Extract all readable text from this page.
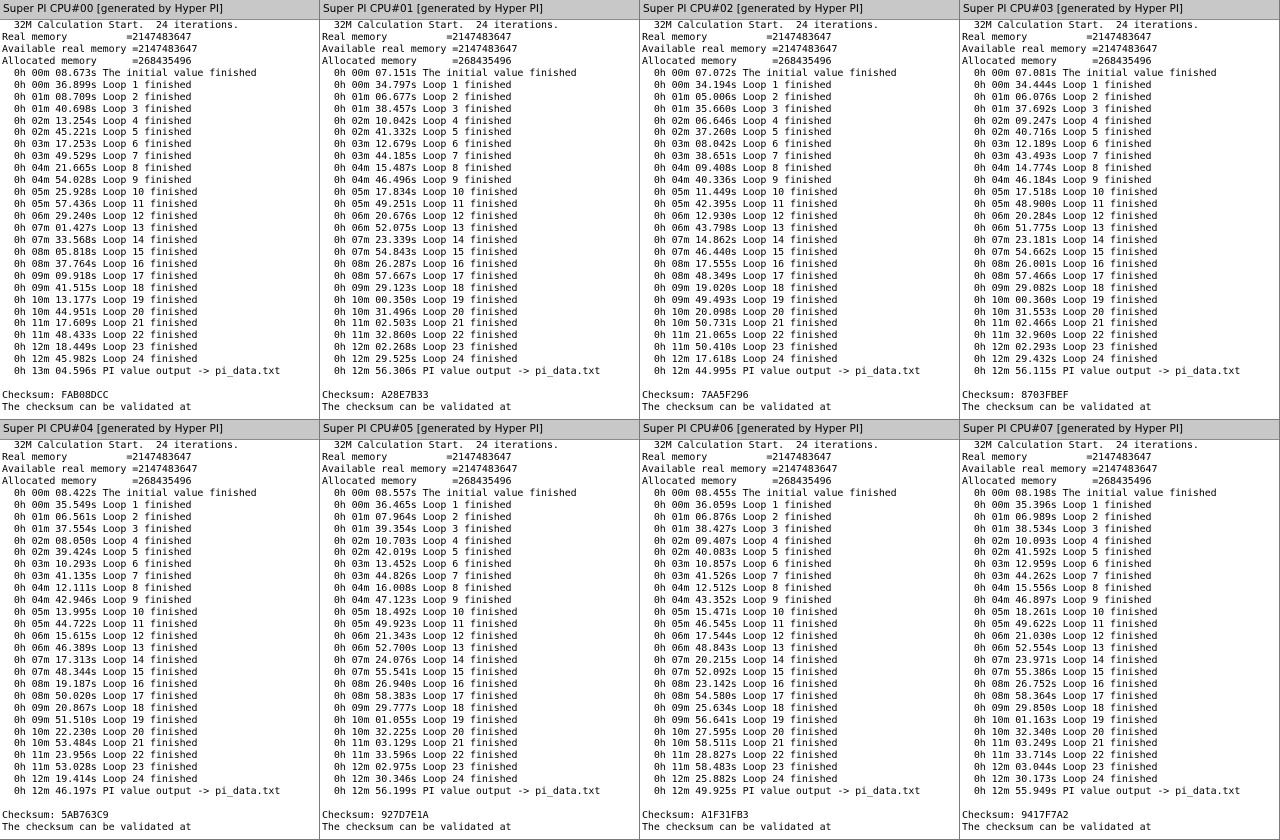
Super PI CPU#00 [generated by Hyper PI]
32M Calculation Start.  24 iterations.
Real memory          =2147483647
Available real memory =2147483647
Allocated memory      =268435496
0h 00m 08.673s The initial value finished
0h 00m 36.899s Loop 1 finished
0h 01m 08.709s Loop 2 finished
0h 01m 40.698s Loop 3 finished
0h 02m 13.254s Loop 4 finished
0h 02m 45.221s Loop 5 finished
0h 03m 17.253s Loop 6 finished
0h 03m 49.529s Loop 7 finished
0h 04m 21.665s Loop 8 finished
0h 04m 54.028s Loop 9 finished
0h 05m 25.928s Loop 10 finished
0h 05m 57.436s Loop 11 finished
0h 06m 29.240s Loop 12 finished
0h 07m 01.427s Loop 13 finished
0h 07m 33.568s Loop 14 finished
0h 08m 05.818s Loop 15 finished
0h 08m 37.764s Loop 16 finished
0h 09m 09.918s Loop 17 finished
0h 09m 41.515s Loop 18 finished
0h 10m 13.177s Loop 19 finished
0h 10m 44.951s Loop 20 finished
0h 11m 17.609s Loop 21 finished
0h 11m 48.433s Loop 22 finished
0h 12m 18.449s Loop 23 finished
0h 12m 45.982s Loop 24 finished
0h 13m 04.596s PI value output -> pi_data.txt
Checksum: FAB08DCC
The checksum can be validated at
Super PI CPU#01 [generated by Hyper PI]
32M Calculation Start.  24 iterations.
Real memory          =2147483647
Available real memory =2147483647
Allocated memory      =268435496
0h 00m 07.151s The initial value finished
0h 00m 34.797s Loop 1 finished
0h 01m 06.677s Loop 2 finished
0h 01m 38.457s Loop 3 finished
0h 02m 10.042s Loop 4 finished
0h 02m 41.332s Loop 5 finished
0h 03m 12.679s Loop 6 finished
0h 03m 44.185s Loop 7 finished
0h 04m 15.487s Loop 8 finished
0h 04m 46.496s Loop 9 finished
0h 05m 17.834s Loop 10 finished
0h 05m 49.251s Loop 11 finished
0h 06m 20.676s Loop 12 finished
0h 06m 52.075s Loop 13 finished
0h 07m 23.339s Loop 14 finished
0h 07m 54.843s Loop 15 finished
0h 08m 26.287s Loop 16 finished
0h 08m 57.667s Loop 17 finished
0h 09m 29.123s Loop 18 finished
0h 10m 00.350s Loop 19 finished
0h 10m 31.496s Loop 20 finished
0h 11m 02.503s Loop 21 finished
0h 11m 32.860s Loop 22 finished
0h 12m 02.268s Loop 23 finished
0h 12m 29.525s Loop 24 finished
0h 12m 56.306s PI value output -> pi_data.txt
Checksum: A28E7B33
The checksum can be validated at
Super PI CPU#02 [generated by Hyper PI]
32M Calculation Start.  24 iterations.
Real memory          =2147483647
Available real memory =2147483647
Allocated memory      =268435496
0h 00m 07.072s The initial value finished
0h 00m 34.194s Loop 1 finished
0h 01m 05.006s Loop 2 finished
0h 01m 35.660s Loop 3 finished
0h 02m 06.646s Loop 4 finished
0h 02m 37.260s Loop 5 finished
0h 03m 08.042s Loop 6 finished
0h 03m 38.651s Loop 7 finished
0h 04m 09.408s Loop 8 finished
0h 04m 40.336s Loop 9 finished
0h 05m 11.449s Loop 10 finished
0h 05m 42.395s Loop 11 finished
0h 06m 12.930s Loop 12 finished
0h 06m 43.798s Loop 13 finished
0h 07m 14.862s Loop 14 finished
0h 07m 46.440s Loop 15 finished
0h 08m 17.555s Loop 16 finished
0h 08m 48.349s Loop 17 finished
0h 09m 19.020s Loop 18 finished
0h 09m 49.493s Loop 19 finished
0h 10m 20.098s Loop 20 finished
0h 10m 50.731s Loop 21 finished
0h 11m 21.065s Loop 22 finished
0h 11m 50.410s Loop 23 finished
0h 12m 17.618s Loop 24 finished
0h 12m 44.995s PI value output -> pi_data.txt
Checksum: 7AA5F296
The checksum can be validated at
Super PI CPU#03 [generated by Hyper PI]
32M Calculation Start.  24 iterations.
Real memory          =2147483647
Available real memory =2147483647
Allocated memory      =268435496
0h 00m 07.081s The initial value finished
0h 00m 34.444s Loop 1 finished
0h 01m 06.076s Loop 2 finished
0h 01m 37.692s Loop 3 finished
0h 02m 09.247s Loop 4 finished
0h 02m 40.716s Loop 5 finished
0h 03m 12.189s Loop 6 finished
0h 03m 43.493s Loop 7 finished
0h 04m 14.774s Loop 8 finished
0h 04m 46.184s Loop 9 finished
0h 05m 17.518s Loop 10 finished
0h 05m 48.900s Loop 11 finished
0h 06m 20.284s Loop 12 finished
0h 06m 51.775s Loop 13 finished
0h 07m 23.181s Loop 14 finished
0h 07m 54.662s Loop 15 finished
0h 08m 26.001s Loop 16 finished
0h 08m 57.466s Loop 17 finished
0h 09m 29.082s Loop 18 finished
0h 10m 00.360s Loop 19 finished
0h 10m 31.553s Loop 20 finished
0h 11m 02.466s Loop 21 finished
0h 11m 32.960s Loop 22 finished
0h 12m 02.293s Loop 23 finished
0h 12m 29.432s Loop 24 finished
0h 12m 56.115s PI value output -> pi_data.txt
Checksum: 8703FBEF
The checksum can be validated at
Super PI CPU#04 [generated by Hyper PI]
32M Calculation Start.  24 iterations.
Real memory          =2147483647
Available real memory =2147483647
Allocated memory      =268435496
0h 00m 08.422s The initial value finished
0h 00m 35.549s Loop 1 finished
0h 01m 06.561s Loop 2 finished
0h 01m 37.554s Loop 3 finished
0h 02m 08.050s Loop 4 finished
0h 02m 39.424s Loop 5 finished
0h 03m 10.293s Loop 6 finished
0h 03m 41.135s Loop 7 finished
0h 04m 12.111s Loop 8 finished
0h 04m 42.946s Loop 9 finished
0h 05m 13.995s Loop 10 finished
0h 05m 44.722s Loop 11 finished
0h 06m 15.615s Loop 12 finished
0h 06m 46.389s Loop 13 finished
0h 07m 17.313s Loop 14 finished
0h 07m 48.344s Loop 15 finished
0h 08m 19.187s Loop 16 finished
0h 08m 50.020s Loop 17 finished
0h 09m 20.867s Loop 18 finished
0h 09m 51.510s Loop 19 finished
0h 10m 22.230s Loop 20 finished
0h 10m 53.484s Loop 21 finished
0h 11m 23.956s Loop 22 finished
0h 11m 53.028s Loop 23 finished
0h 12m 19.414s Loop 24 finished
0h 12m 46.197s PI value output -> pi_data.txt
Checksum: 5AB763C9
The checksum can be validated at
Super PI CPU#05 [generated by Hyper PI]
32M Calculation Start.  24 iterations.
Real memory          =2147483647
Available real memory =2147483647
Allocated memory      =268435496
0h 00m 08.557s The initial value finished
0h 00m 36.465s Loop 1 finished
0h 01m 07.964s Loop 2 finished
0h 01m 39.354s Loop 3 finished
0h 02m 10.703s Loop 4 finished
0h 02m 42.019s Loop 5 finished
0h 03m 13.452s Loop 6 finished
0h 03m 44.826s Loop 7 finished
0h 04m 16.008s Loop 8 finished
0h 04m 47.123s Loop 9 finished
0h 05m 18.492s Loop 10 finished
0h 05m 49.923s Loop 11 finished
0h 06m 21.343s Loop 12 finished
0h 06m 52.700s Loop 13 finished
0h 07m 24.076s Loop 14 finished
0h 07m 55.541s Loop 15 finished
0h 08m 26.940s Loop 16 finished
0h 08m 58.383s Loop 17 finished
0h 09m 29.777s Loop 18 finished
0h 10m 01.055s Loop 19 finished
0h 10m 32.225s Loop 20 finished
0h 11m 03.129s Loop 21 finished
0h 11m 33.596s Loop 22 finished
0h 12m 02.975s Loop 23 finished
0h 12m 30.346s Loop 24 finished
0h 12m 56.199s PI value output -> pi_data.txt
Checksum: 927D7E1A
The checksum can be validated at
Super PI CPU#06 [generated by Hyper PI]
32M Calculation Start.  24 iterations.
Real memory          =2147483647
Available real memory =2147483647
Allocated memory      =268435496
0h 00m 08.455s The initial value finished
0h 00m 36.059s Loop 1 finished
0h 01m 06.876s Loop 2 finished
0h 01m 38.427s Loop 3 finished
0h 02m 09.407s Loop 4 finished
0h 02m 40.083s Loop 5 finished
0h 03m 10.857s Loop 6 finished
0h 03m 41.526s Loop 7 finished
0h 04m 12.512s Loop 8 finished
0h 04m 43.352s Loop 9 finished
0h 05m 15.471s Loop 10 finished
0h 05m 46.545s Loop 11 finished
0h 06m 17.544s Loop 12 finished
0h 06m 48.843s Loop 13 finished
0h 07m 20.215s Loop 14 finished
0h 07m 52.092s Loop 15 finished
0h 08m 23.142s Loop 16 finished
0h 08m 54.580s Loop 17 finished
0h 09m 25.634s Loop 18 finished
0h 09m 56.641s Loop 19 finished
0h 10m 27.595s Loop 20 finished
0h 10m 58.511s Loop 21 finished
0h 11m 28.827s Loop 22 finished
0h 11m 58.483s Loop 23 finished
0h 12m 25.882s Loop 24 finished
0h 12m 49.925s PI value output -> pi_data.txt
Checksum: A1F31FB3
The checksum can be validated at
Super PI CPU#07 [generated by Hyper PI]
32M Calculation Start.  24 iterations.
Real memory          =2147483647
Available real memory =2147483647
Allocated memory      =268435496
0h 00m 08.198s The initial value finished
0h 00m 35.396s Loop 1 finished
0h 01m 06.989s Loop 2 finished
0h 01m 38.534s Loop 3 finished
0h 02m 10.093s Loop 4 finished
0h 02m 41.592s Loop 5 finished
0h 03m 12.959s Loop 6 finished
0h 03m 44.262s Loop 7 finished
0h 04m 15.556s Loop 8 finished
0h 04m 46.897s Loop 9 finished
0h 05m 18.261s Loop 10 finished
0h 05m 49.622s Loop 11 finished
0h 06m 21.030s Loop 12 finished
0h 06m 52.554s Loop 13 finished
0h 07m 23.971s Loop 14 finished
0h 07m 55.386s Loop 15 finished
0h 08m 26.752s Loop 16 finished
0h 08m 58.364s Loop 17 finished
0h 09m 29.850s Loop 18 finished
0h 10m 01.163s Loop 19 finished
0h 10m 32.340s Loop 20 finished
0h 11m 03.249s Loop 21 finished
0h 11m 33.714s Loop 22 finished
0h 12m 03.044s Loop 23 finished
0h 12m 30.173s Loop 24 finished
0h 12m 55.949s PI value output -> pi_data.txt
Checksum: 9417F7A2
The checksum can be validated at
